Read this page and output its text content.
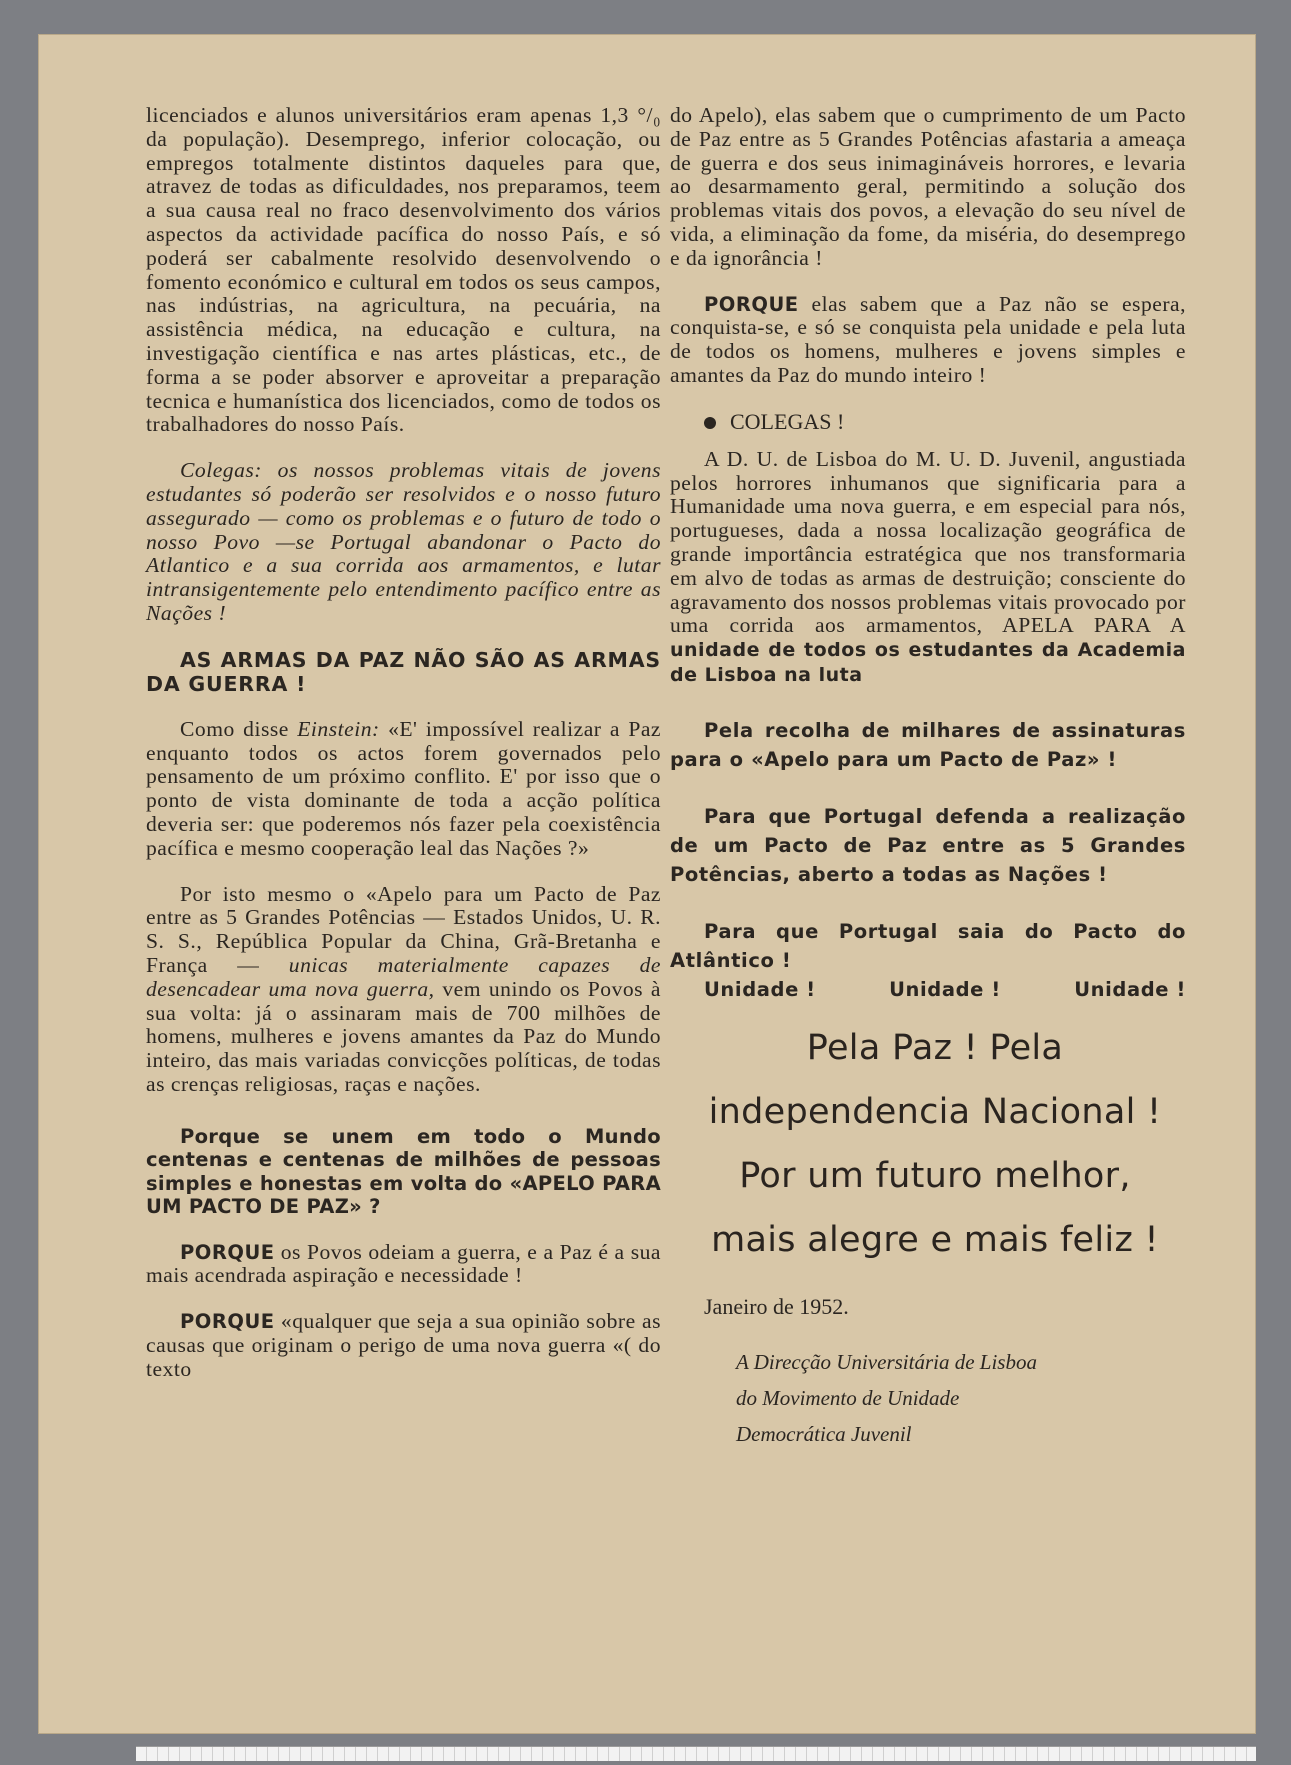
licenciados e alunos universitários eram apenas 1,3 °/₀ da população). Desemprego, inferior colocação, ou empregos totalmente distintos daqueles para que, atravez de todas as dificuldades, nos preparamos, teem a sua causa real no fraco desenvolvimento dos vários aspectos da actividade pacífica do nosso País, e só poderá ser cabalmente resolvido desenvolvendo o fomento económico e cultural em todos os seus campos, nas indústrias, na agricultura, na pecuária, na assistência médica, na educação e cultura, na investigação científica e nas artes plásticas, etc., de forma a se poder absorver e aproveitar a preparação tecnica e humanística dos licenciados, como de todos os trabalhadores do nosso País.

Colegas: os nossos problemas vitais de jovens estudantes só poderão ser resolvidos e o nosso futuro assegurado — como os problemas e o futuro de todo o nosso Povo —se Portugal abandonar o Pacto do Atlantico e a sua corrida aos armamentos, e lutar intransigentemente pelo entendimento pacífico entre as Nações !

AS ARMAS DA PAZ NÃO SÃO AS ARMAS DA GUERRA !

Como disse Einstein: «E' impossível realizar a Paz enquanto todos os actos forem governados pelo pensamento de um próximo conflito. E' por isso que o ponto de vista dominante de toda a acção política deveria ser: que poderemos nós fazer pela coexistência pacífica e mesmo cooperação leal das Nações ?»

Por isto mesmo o «Apelo para um Pacto de Paz entre as 5 Grandes Potências — Estados Unidos, U. R. S. S., República Popular da China, Grã-Bretanha e França — unicas materialmente capazes de desencadear uma nova guerra, vem unindo os Povos à sua volta: já o assinaram mais de 700 milhões de homens, mulheres e jovens amantes da Paz do Mundo inteiro, das mais variadas convicções políticas, de todas as crenças religiosas, raças e nações.

Porque se unem em todo o Mundo centenas e centenas de milhões de pessoas simples e honestas em volta do «APELO PARA UM PACTO DE PAZ» ?

PORQUE os Povos odeiam a guerra, e a Paz é a sua mais acendrada aspiração e necessidade !

PORQUE «qualquer que seja a sua opinião sobre as causas que originam o perigo de uma nova guerra «( do texto

do Apelo), elas sabem que o cumprimento de um Pacto de Paz entre as 5 Grandes Potências afastaria a ameaça de guerra e dos seus inimagináveis horrores, e levaria ao desarmamento geral, permitindo a solução dos problemas vitais dos povos, a elevação do seu nível de vida, a eliminação da fome, da miséria, do desemprego e da ignorância !

PORQUE elas sabem que a Paz não se espera, conquista-se, e só se conquista pela unidade e pela luta de todos os homens, mulheres e jovens simples e amantes da Paz do mundo inteiro !

COLEGAS !

A D. U. de Lisboa do M. U. D. Juvenil, angustiada pelos horrores inhumanos que significaria para a Humanidade uma nova guerra, e em especial para nós, portugueses, dada a nossa localização geográfica de grande importância estratégica que nos transformaria em alvo de todas as armas de destruição; consciente do agravamento dos nossos problemas vitais provocado por uma corrida aos armamentos, APELA PARA A unidade de todos os estudantes da Academia de Lisboa na luta

Pela recolha de milhares de assinaturas para o «Apelo para um Pacto de Paz» !

Para que Portugal defenda a realização de um Pacto de Paz entre as 5 Grandes Potências, aberto a todas as Nações !

Para que Portugal saia do Pacto do Atlântico !

Unidade !	Unidade !	Unidade !

Pela Paz ! Pela independencia Nacional !

Por um futuro melhor, mais alegre e mais feliz !

Janeiro de 1952.

A Direcção Universitária de Lisboa
do Movimento de Unidade
Democrática Juvenil
